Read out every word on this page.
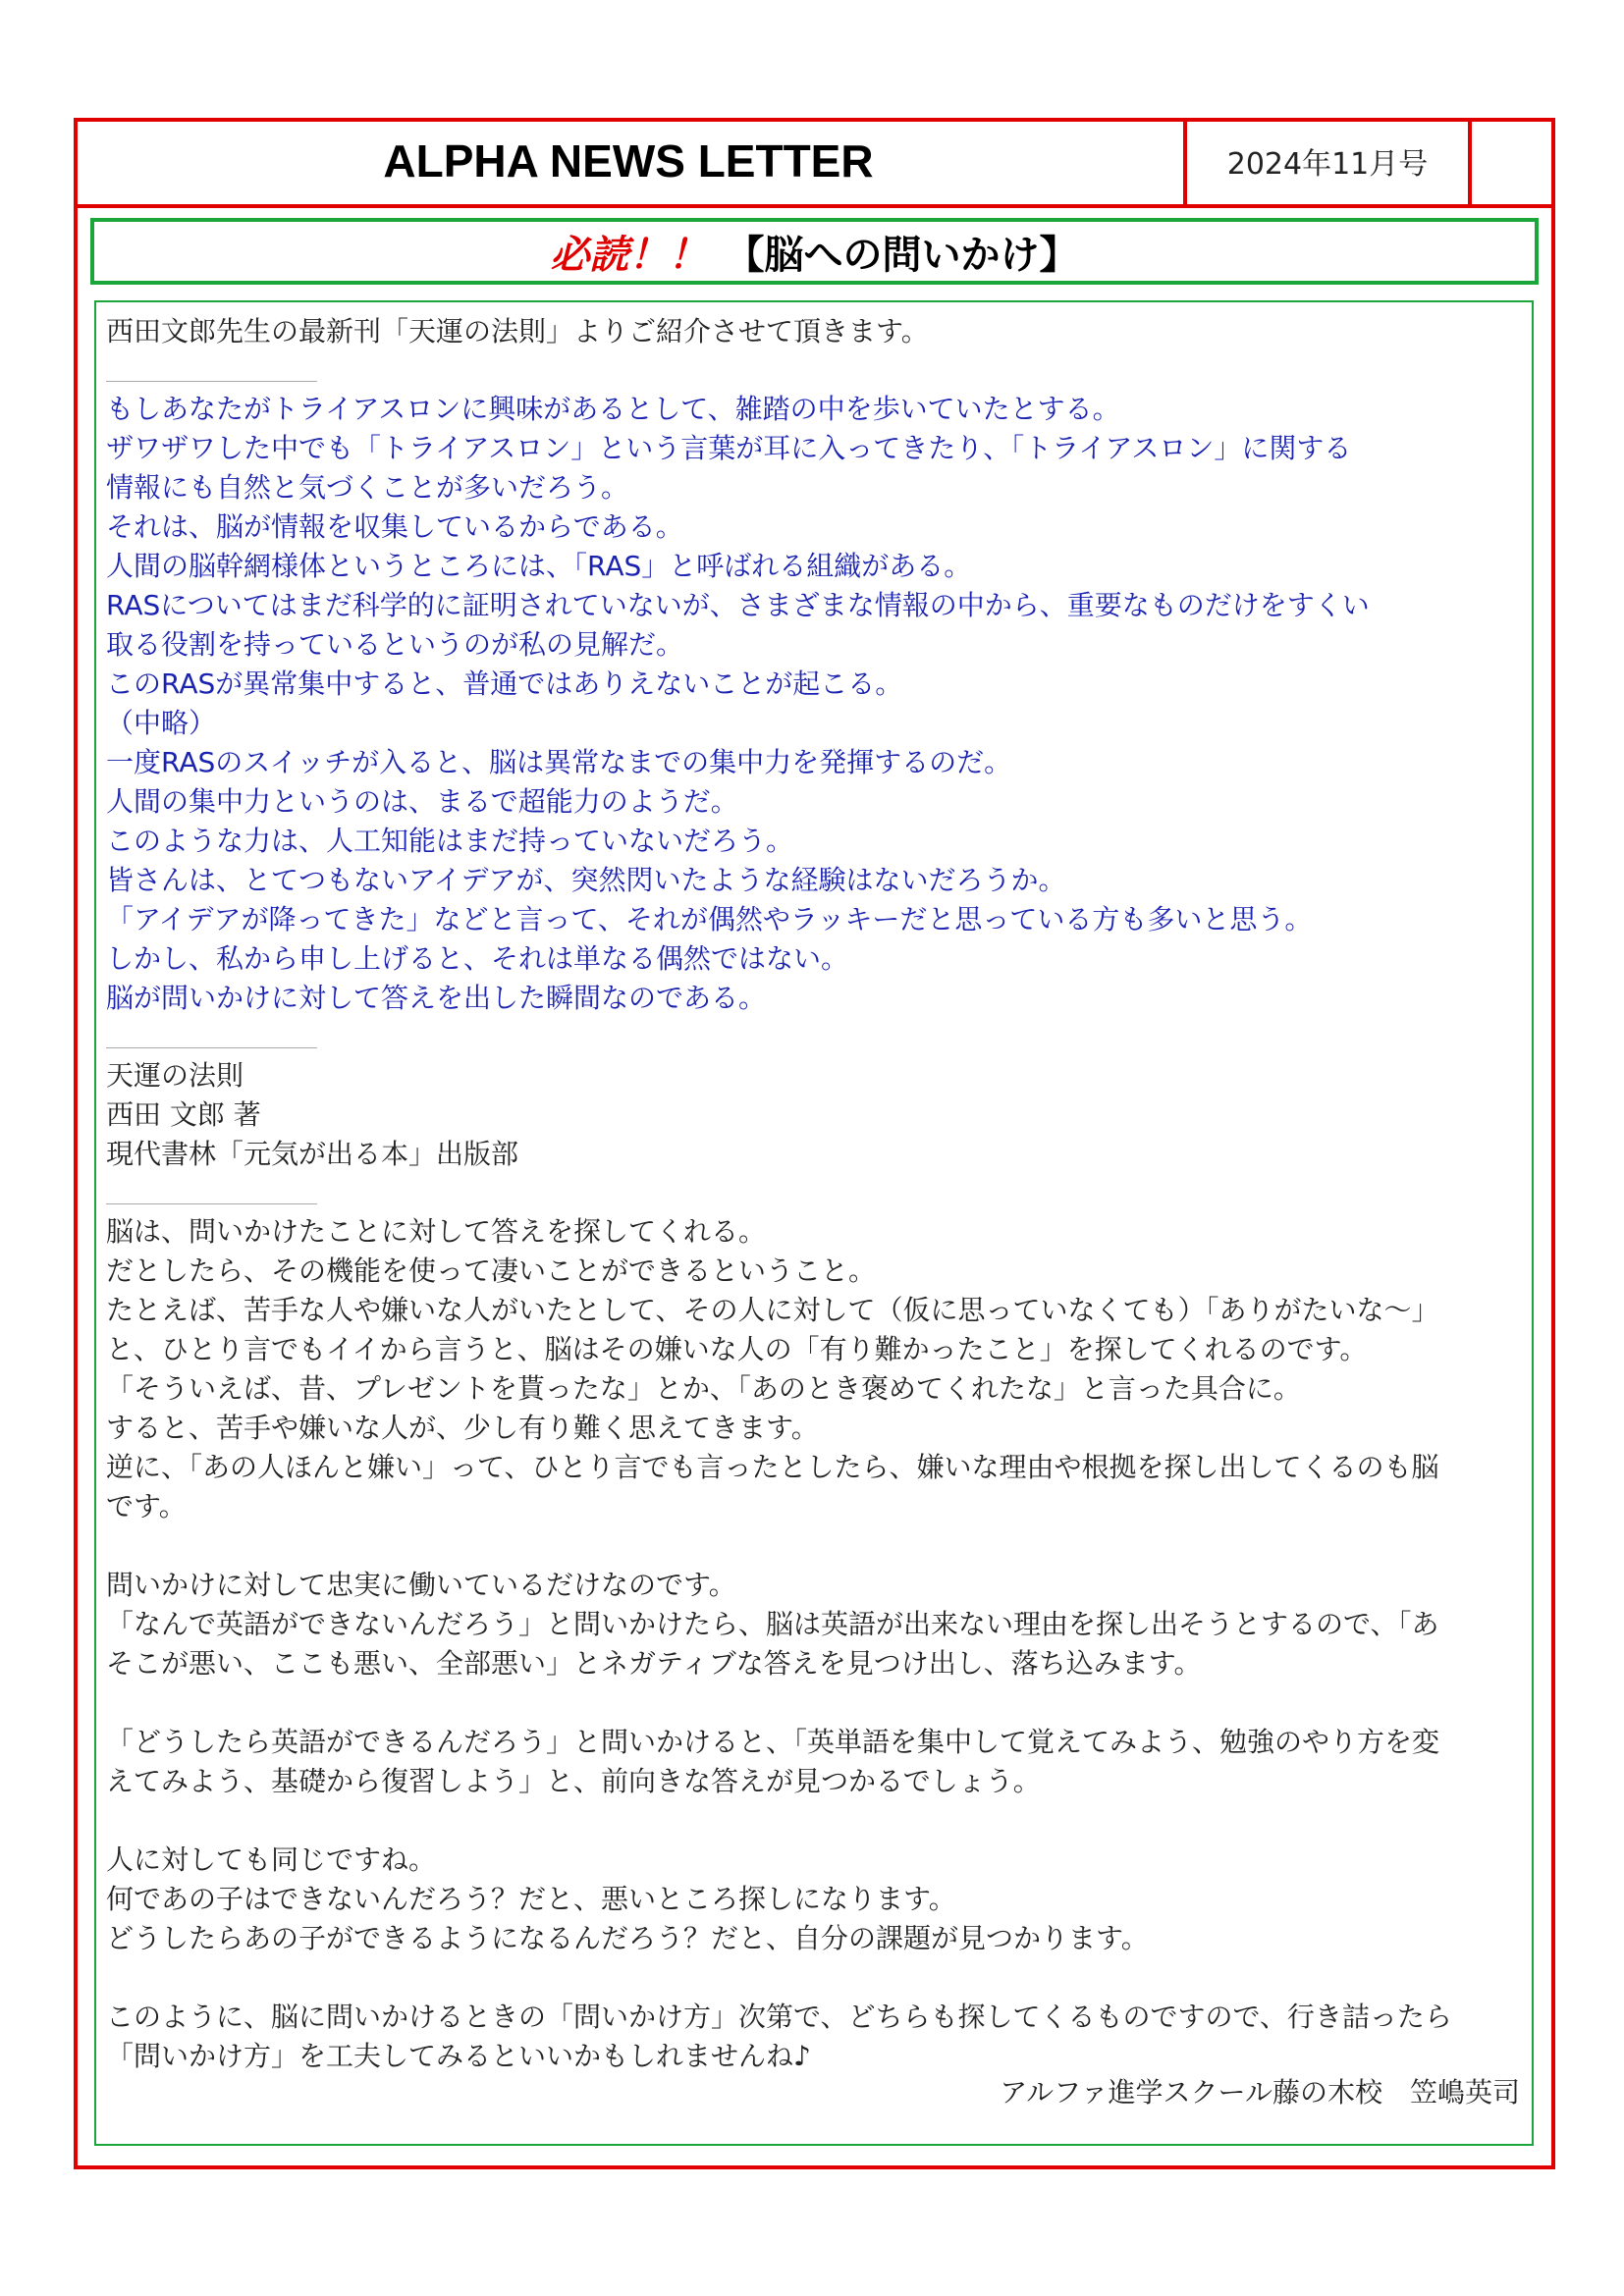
ALPHA NEWS LETTER	2024年11月号
必読！！ 【脳への問いかけ】
西田文郎先生の最新刊「天運の法則」よりご紹介させて頂きます。
もしあなたがトライアスロンに興味があるとして、雑踏の中を歩いていたとする。
ザワザワした中でも「トライアスロン」という言葉が耳に入ってきたり、「トライアスロン」に関する
情報にも自然と気づくことが多いだろう。
それは、脳が情報を収集しているからである。
人間の脳幹網様体というところには、「RAS」と呼ばれる組織がある。
RASについてはまだ科学的に証明されていないが、さまざまな情報の中から、重要なものだけをすくい
取る役割を持っているというのが私の見解だ。
このRASが異常集中すると、普通ではありえないことが起こる。
（中略）
一度RASのスイッチが入ると、脳は異常なまでの集中力を発揮するのだ。
人間の集中力というのは、まるで超能力のようだ。
このような力は、人工知能はまだ持っていないだろう。
皆さんは、とてつもないアイデアが、突然閃いたような経験はないだろうか。
「アイデアが降ってきた」などと言って、それが偶然やラッキーだと思っている方も多いと思う。
しかし、私から申し上げると、それは単なる偶然ではない。
脳が問いかけに対して答えを出した瞬間なのである。
天運の法則
西田 文郎 著
現代書林「元気が出る本」出版部
脳は、問いかけたことに対して答えを探してくれる。
だとしたら、その機能を使って凄いことができるということ。
たとえば、苦手な人や嫌いな人がいたとして、その人に対して（仮に思っていなくても）「ありがたいな～」
と、ひとり言でもイイから言うと、脳はその嫌いな人の「有り難かったこと」を探してくれるのです。
「そういえば、昔、プレゼントを貰ったな」とか、「あのとき褒めてくれたな」と言った具合に。
すると、苦手や嫌いな人が、少し有り難く思えてきます。
逆に、「あの人ほんと嫌い」って、ひとり言でも言ったとしたら、嫌いな理由や根拠を探し出してくるのも脳
です。
問いかけに対して忠実に働いているだけなのです。
「なんで英語ができないんだろう」と問いかけたら、脳は英語が出来ない理由を探し出そうとするので、「あ
そこが悪い、ここも悪い、全部悪い」とネガティブな答えを見つけ出し、落ち込みます。
「どうしたら英語ができるんだろう」と問いかけると、「英単語を集中して覚えてみよう、勉強のやり方を変
えてみよう、基礎から復習しよう」と、前向きな答えが見つかるでしょう。
人に対しても同じですね。
何であの子はできないんだろう？だと、悪いところ探しになります。
どうしたらあの子ができるようになるんだろう？だと、自分の課題が見つかります。
このように、脳に問いかけるときの「問いかけ方」次第で、どちらも探してくるものですので、行き詰ったら
「問いかけ方」を工夫してみるといいかもしれませんね♪
アルファ進学スクール藤の木校　笠嶋英司
